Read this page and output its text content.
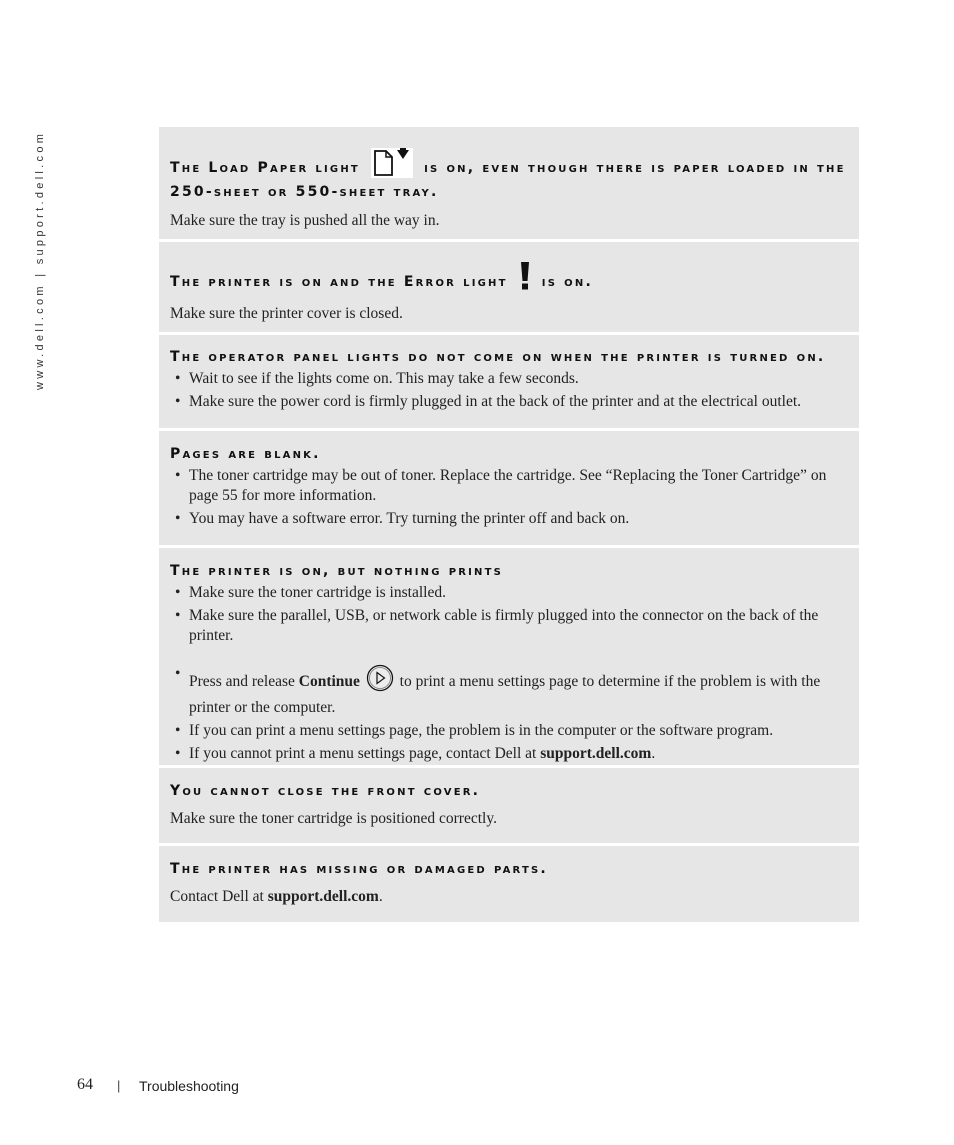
www.dell.com | support.dell.com	The Load Paper light	is on, even though there is paper loaded in the 250-sheet or 550-sheet tray.

Make sure the tray is pushed all the way in.

The printer is on and the Error light is on.

Make sure the printer cover is closed.

The operator panel lights do not come on when the printer is turned on.

• Wait to see if the lights come on. This may take a few seconds.
• Make sure the power cord is firmly plugged in at the back of the printer and at the electrical outlet.

Pages are blank.

• The toner cartridge may be out of toner. Replace the cartridge. See “Replacing the Toner Cartridge” on page 55 for more information.
• You may have a software error. Try turning the printer off and back on.

The printer is on, but nothing prints

• Make sure the toner cartridge is installed.
• Make sure the parallel, USB, or network cable is firmly plugged into the connector on the back of the printer.
• Press and release Continue  to print a menu settings page to determine if the problem is with the printer or the computer.
• If you can print a menu settings page, the problem is in the computer or the software program.
• If you cannot print a menu settings page, contact Dell at support.dell.com.

You cannot close the front cover.

Make sure the toner cartridge is positioned correctly.

The printer has missing or damaged parts.

Contact Dell at support.dell.com.

64 | Troubleshooting
